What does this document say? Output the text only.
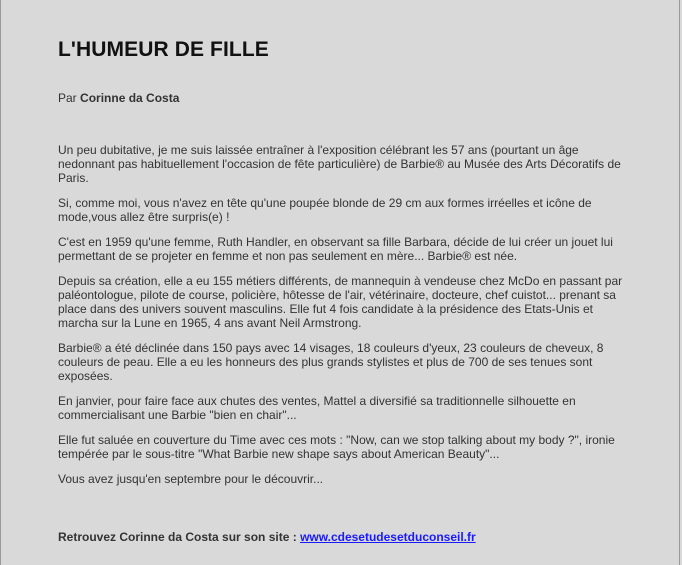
L'HUMEUR DE FILLE
Par Corinne da Costa

Un peu dubitative, je me suis laissée entraîner à l'exposition célébrant les 57 ans (pourtant un âge nedonnant pas habituellement l'occasion de fête particulière) de Barbie® au Musée des Arts Décoratifs de Paris.

Si, comme moi, vous n'avez en tête qu'une poupée blonde de 29 cm aux formes irréelles et icône de mode,vous allez être surpris(e) !

C'est en 1959 qu'une femme, Ruth Handler, en observant sa fille Barbara, décide de lui créer un jouet lui permettant de se projeter en femme et non pas seulement en mère... Barbie® est née.

Depuis sa création, elle a eu 155 métiers différents, de mannequin à vendeuse chez McDo en passant par paléontologue, pilote de course, policière, hôtesse de l'air, vétérinaire, docteure, chef cuistot... prenant sa place dans des univers souvent masculins. Elle fut 4 fois candidate à la présidence des Etats-Unis et marcha sur la Lune en 1965, 4 ans avant Neil Armstrong.

Barbie® a été déclinée dans 150 pays avec 14 visages, 18 couleurs d'yeux, 23 couleurs de cheveux, 8 couleurs de peau. Elle a eu les honneurs des plus grands stylistes et plus de 700 de ses tenues sont exposées.

En janvier, pour faire face aux chutes des ventes, Mattel a diversifié sa traditionnelle silhouette en commercialisant une Barbie "bien en chair"...

Elle fut saluée en couverture du Time avec ces mots : "Now, can we stop talking about my body ?", ironie tempérée par le sous-titre "What Barbie new shape says about American Beauty"...

Vous avez jusqu'en septembre pour le découvrir...

Retrouvez Corinne da Costa sur son site : www.cdesetudesetduconseil.fr
